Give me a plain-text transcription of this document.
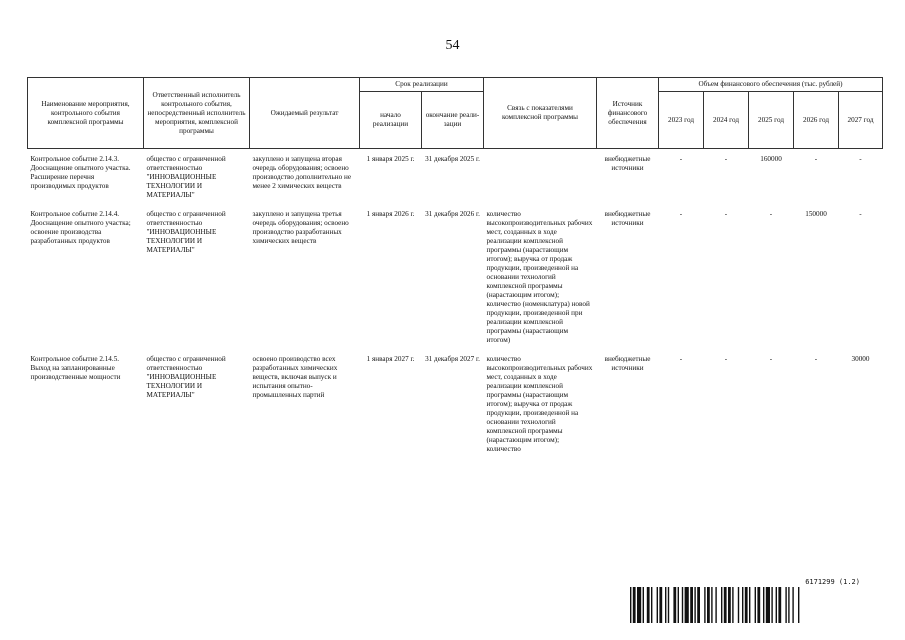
54
Наименование мероприятия, контрольного события комплексной программы	Ответственный исполнитель контрольного события, непосредственный исполнитель мероприятия, комплексной программы	Ожидаемый результат	Срок реализации		Связь с показателями комплексной программы	Источник финансового обеспечения	Объем финансового обеспечения (тыс. рублей)				
			начало реализации	окончание реали-зации			2023 год	2024 год	2025 год	2026 год	2027 год
Контрольное событие 2.14.3. Дооснащение опытного участка. Расширение перечня производимых продуктов	общество с ограниченной ответственностью "ИННОВАЦИОННЫЕ ТЕХНОЛОГИИ И МАТЕРИАЛЫ"	закуплено и запущена вторая очередь оборудования; освоено производство дополнительно не менее 2 химических веществ	1 января 2025 г.	31 декабря 2025 г.		внебюджетные источники	-	-	160000	-	-
Контрольное событие 2.14.4. Дооснащение опытного участка; освоение производства разработанных продуктов	общество с ограниченной ответственностью "ИННОВАЦИОННЫЕ ТЕХНОЛОГИИ И МАТЕРИАЛЫ"	закуплено и запущена третья очередь оборудования; освоено производство разработанных химических веществ	1 января 2026 г.	31 декабря 2026 г.	количество высокопроизводительных рабочих мест, созданных в ходе реализации комплексной программы (нарастающим итогом); выручка от продаж продукции, произведенной на основании технологий комплексной программы (нарастающим итогом); количество (номенклатура) новой продукции, произведенной при реализации комплексной программы (нарастающим итогом)	внебюджетные источники	-	-	-	150000	-
Контрольное событие 2.14.5. Выход на запланированные производственные мощности	общество с ограниченной ответственностью "ИННОВАЦИОННЫЕ ТЕХНОЛОГИИ И МАТЕРИАЛЫ"	освоено производство всех разработанных химических веществ, включая выпуск и испытания опытно-промышленных партий	1 января 2027 г.	31 декабря 2027 г.	количество высокопроизводительных рабочих мест, созданных в ходе реализации комплексной программы (нарастающим итогом); выручка от продаж продукции, произведенной на основании технологий комплексной программы (нарастающим итогом); количество	внебюджетные источники	-	-	-	-	30000
6171299 (1.2)
